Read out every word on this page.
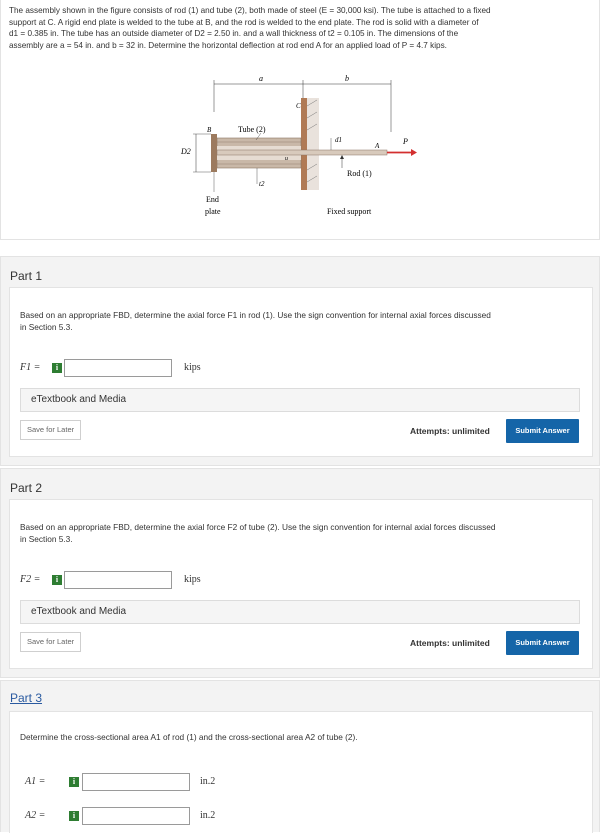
The assembly shown in the figure consists of rod (1) and tube (2), both made of steel (E = 30,000 ksi). The tube is attached to a fixed
support at C. A rigid end plate is welded to the tube at B, and the rod is welded to the end plate. The rod is solid with a diameter of
d1 = 0.385 in. The tube has an outside diameter of D2 = 2.50 in. and a wall thickness of t2 = 0.105 in. The dimensions of the
assembly are a = 54 in. and b = 32 in. Determine the horizontal deflection at rod end A for an applied load of P = 4.7 kips.
a	b
C
B
u
P
A
Tube (2)
Rod (1)
D2
d1
t2
End
plate	Fixed support
Part 1
Based on an appropriate FBD, determine the axial force F1 in rod (1). Use the sign convention for internal axial forces discussed
in Section 5.3.
F1 =	i	kips
eTextbook and Media
Save for Later	Attempts: unlimited	Submit Answer
Part 2
Based on an appropriate FBD, determine the axial force F2 of tube (2). Use the sign convention for internal axial forces discussed
in Section 5.3.
F2 =	i	kips
eTextbook and Media
Save for Later	Attempts: unlimited	Submit Answer
Part 3
Determine the cross-sectional area A1 of rod (1) and the cross-sectional area A2 of tube (2).
A1 =	i	in.2
A2 =	i	in.2
